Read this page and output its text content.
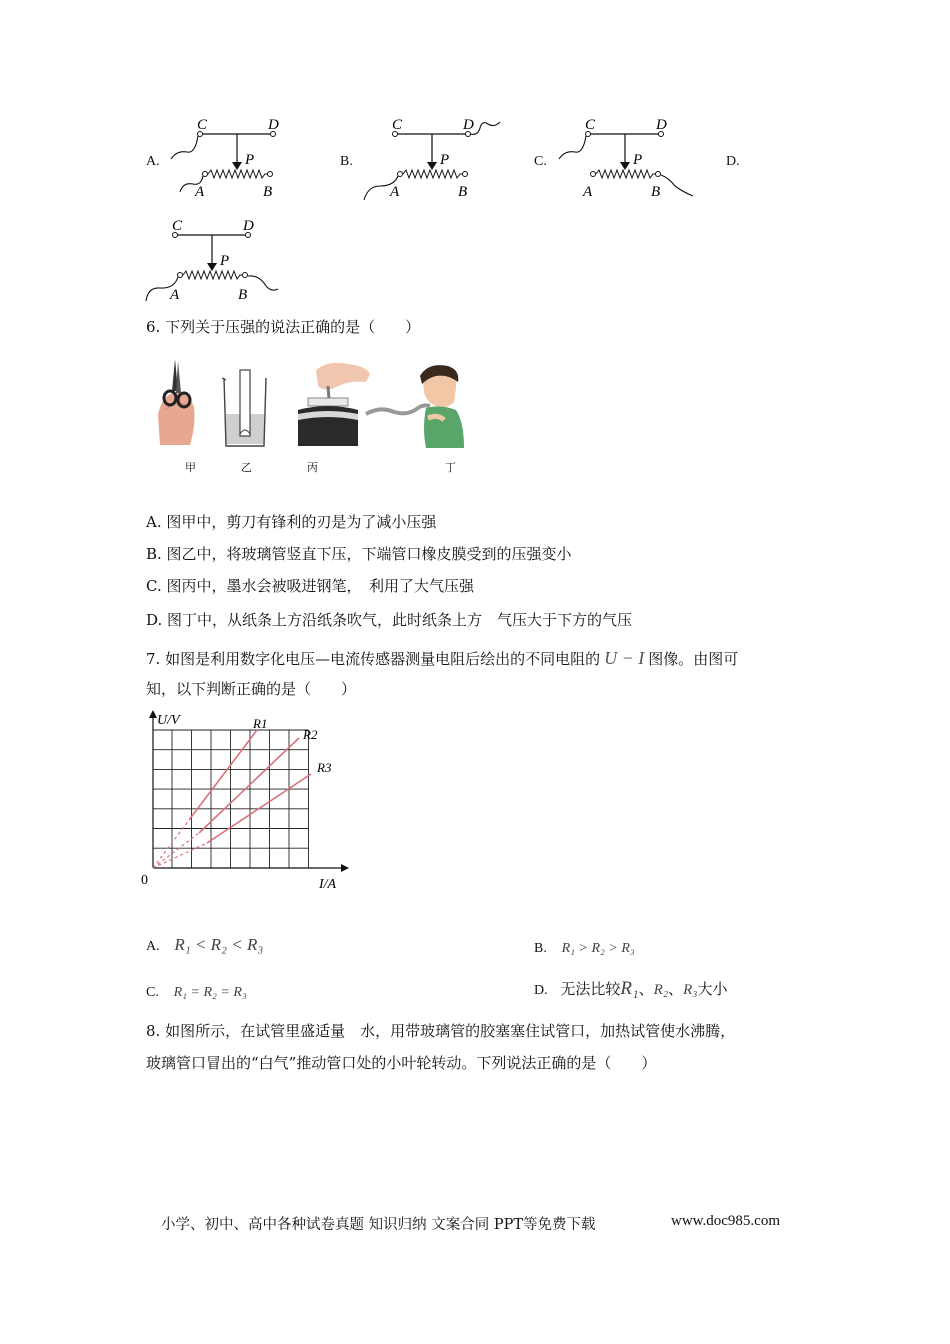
A.	B.	C.	D.
C	D
P
A	B
C	D
P
A	B
C	D
P
A	B
C	D
P
A	B
6. 下列关于压强的说法正确的是（　　）
甲	乙	丙	丁
A. 图甲中，剪刀有锋利的刃是为了减小压强
B. 图乙中，将玻璃管竖直下压，下端管口橡皮膜受到的压强变小
C. 图丙中，墨水会被吸进钢笔，　利用了大气压强
D. 图丁中，从纸条上方沿纸条吹气，此时纸条上方　气压大于下方的气压
7. 如图是利用数字化电压—电流传感器测量电阻后绘出的不同电阻的 U − I 图像。由图可
知，以下判断正确的是（　　）
U/V	R1
R2
R3
0	I/A
A. R₁ < R₂ < R₃	B. R₁ > R₂ > R₃
C. R₁ = R₂ = R₃	D. 无法比较R₁、R₂、R₃大小
8. 如图所示，在试管里盛适量　水，用带玻璃管的胶塞塞住试管口，加热试管使水沸腾，
玻璃管口冒出的“白气”推动管口处的小叶轮转动。下列说法正确的是（　　）
小学、初中、高中各种试卷真题 知识归纳 文案合同 PPT等免费下载	www.doc985.com
